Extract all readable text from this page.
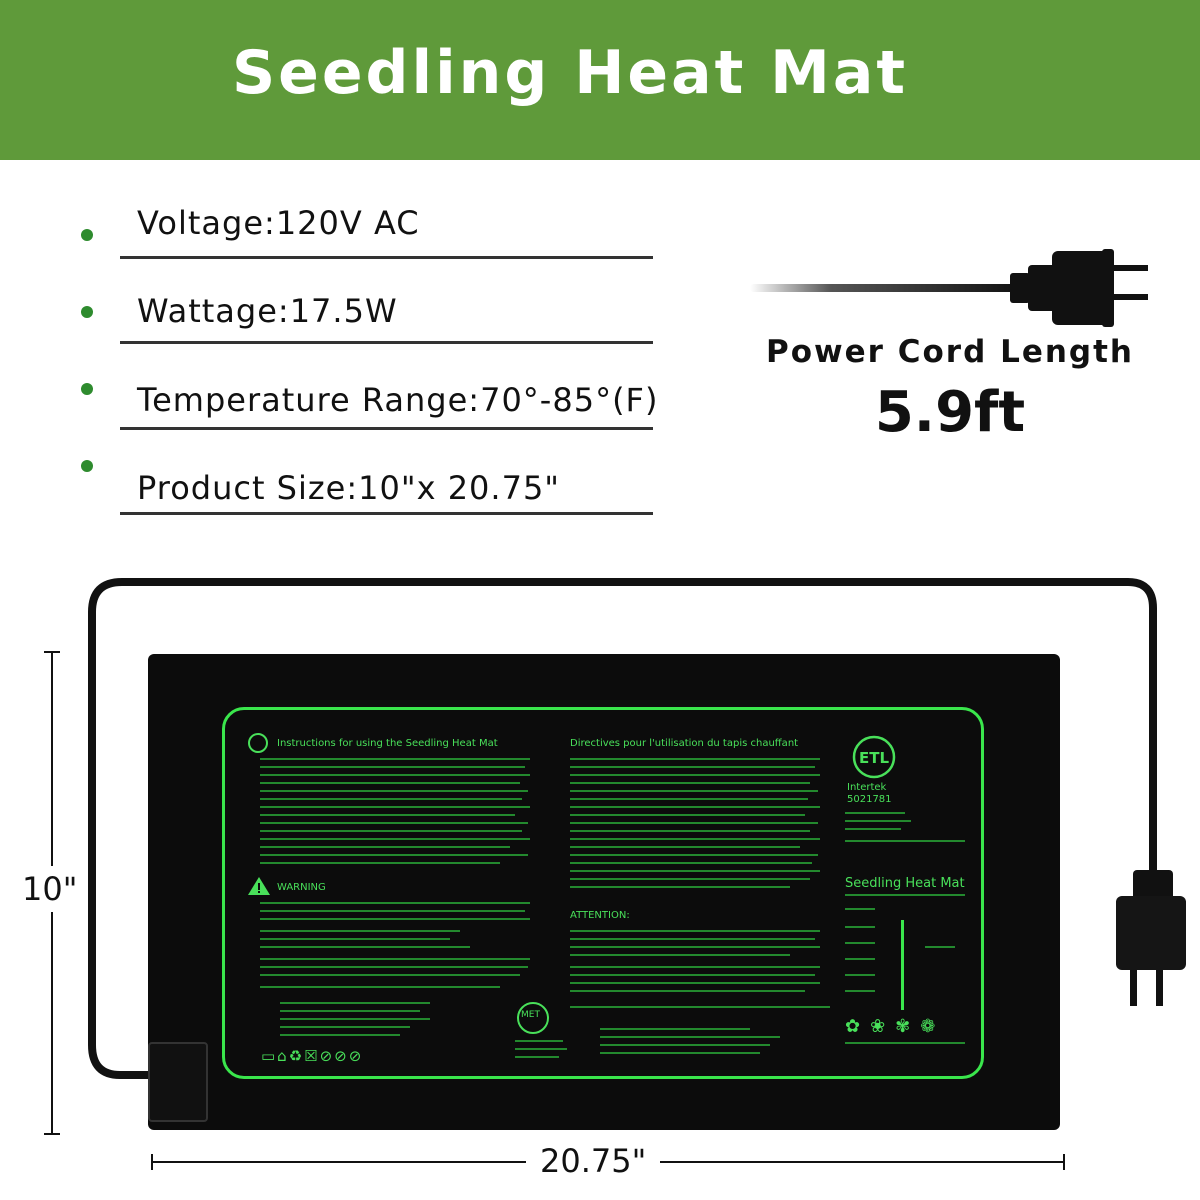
Seedling Heat Mat
Voltage:120V AC
Wattage:17.5W
Temperature Range:70°-85°(F)
Product Size:10"x 20.75"
Power Cord Length
5.9ft
Instructions for using the Seedling Heat Mat	Directives pour l'utilisation du tapis chauffant
WARNING
▭⌂♻☒⊘⊘⊘
MET
ATTENTION:
ETL
Intertek
5021781
Seedling Heat Mat
✿❀✾❁
10"
20.75"
